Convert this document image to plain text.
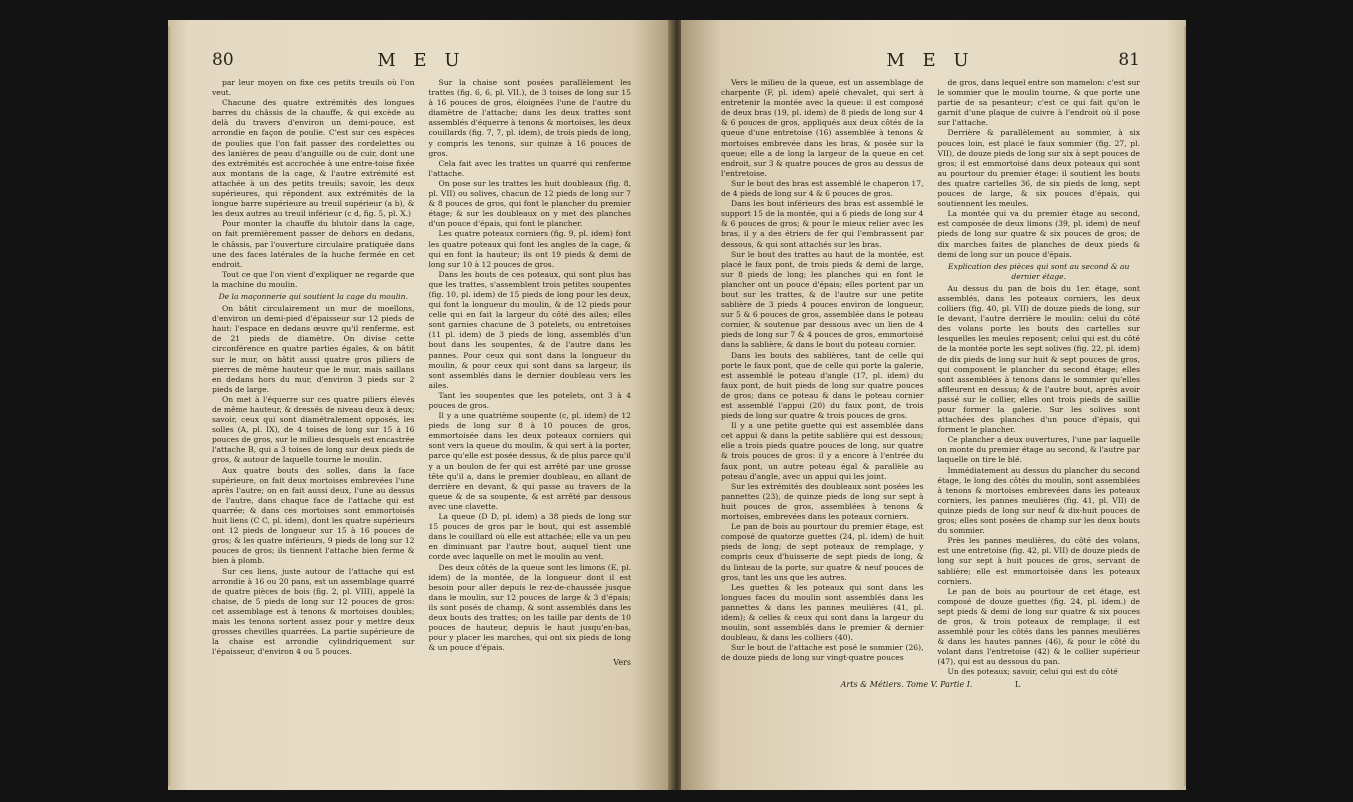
80	M E U

par leur moyen on fixe ces petits treuils où l'on veut.

Chacune des quatre extrémités des longues barres du châssis de la chauffe, & qui excède au delà du travers d'environ un demi-pouce, est arrondie en façon de poulie. C'est sur ces espèces de poulies que l'on fait passer des cordelettes ou des lanières de peau d'anguille ou de cuir, dont une des extrémités est accrochée à une entre-toise fixée aux montans de la cage, & l'autre extrémité est attachée à un des petits treuils; savoir, les deux supérieures, qui répondent aux extrémités de la longue barre supérieure au treuil supérieur (a b), & les deux autres au treuil inférieur (c d, fig. 5, pl. X.)

Pour monter la chauffe du blutoir dans la cage, on fait premièrement passer de dehors en dedans, le châssis, par l'ouverture circulaire pratiquée dans une des faces latérales de la huche fermée en cet endroit.

Tout ce que l'on vient d'expliquer ne regarde que la machine du moulin.

De la maçonnerie qui soutient la cage du moulin.

On bâtit circulairement un mur de moellons, d'environ un demi-pied d'épaisseur sur 12 pieds de haut: l'espace en dedans œuvre qu'il renferme, est de 21 pieds de diamètre. On divise cette circonférence en quatre parties égales, & on bâtit sur le mur, on bâtit aussi quatre gros piliers de pierres de même hauteur que le mur, mais saillans en dedans hors du mur, d'environ 3 pieds sur 2 pieds de large.

On met à l'équerre sur ces quatre piliers élevés de même hauteur, & dressés de niveau deux à deux; savoir, ceux qui sont diamétralement opposés, les solles (A, pl. IX), de 4 toises de long sur 15 à 16 pouces de gros, sur le milieu desquels est encastrée l'attache B, qui a 3 toises de long sur deux pieds de gros, & autour de laquelle tourne le moulin.

Aux quatre bouts des solles, dans la face supérieure, on fait deux mortoises embrevées l'une après l'autre; on en fait aussi deux, l'une au dessus de l'autre, dans chaque face de l'attache qui est quarrée; & dans ces mortoises sont emmortoisés huit liens (C C, pl. idem), dont les quatre supérieurs ont 12 pieds de longueur sur 15 à 16 pouces de gros; & les quatre inférieurs, 9 pieds de long sur 12 pouces de gros; ils tiennent l'attache bien ferme & bien à plomb.

Sur ces liens, juste autour de l'attache qui est arrondie à 16 ou 20 pans, est un assemblage quarré de quatre pièces de bois (fig. 2, pl. VIII), appelé la chaise, de 5 pieds de long sur 12 pouces de gros: cet assemblage est à tenons & mortoises doubles; mais les tenons sortent assez pour y mettre deux grosses chevilles quarrées. La partie supérieure de la chaise est arrondie cylindriquement sur l'épaisseur, d'environ 4 ou 5 pouces.

Sur la chaise sont posées parallèlement les trattes (fig. 6, 6, pl. VII.), de 3 toises de long sur 15 à 16 pouces de gros, éloignées l'une de l'autre du diamètre de l'attache; dans les deux trattes sont assemblés d'équerre à tenons & mortoises, les deux couillards (fig. 7, 7, pl. idem), de trois pieds de long, y compris les tenons, sur quinze à 16 pouces de gros.

Cela fait avec les trattes un quarré qui renferme l'attache.

On pose sur les trattes les huit doubleaux (fig. 8, pl. VII) ou solives, chacun de 12 pieds de long sur 7 & 8 pouces de gros, qui font le plancher du premier étage; & sur les doubleaux on y met des planches d'un pouce d'épais, qui font le plancher.

Les quatre poteaux corniers (fig. 9, pl. idem) font les quatre poteaux qui font les angles de la cage, & qui en font la hauteur; ils ont 19 pieds & demi de long sur 10 à 12 pouces de gros.

Dans les bouts de ces poteaux, qui sont plus bas que les trattes, s'assemblent trois petites soupentes (fig. 10, pl. idem) de 15 pieds de long pour les deux, qui font la longueur du moulin, & de 12 pieds pour celle qui en fait la largeur du côté des ailes; elles sont garnies chacune de 3 potelets, ou entretoises (11 pl. idem) de 3 pieds de long, assemblés d'un bout dans les soupentes, & de l'autre dans les pannes. Pour ceux qui sont dans la longueur du moulin, & pour ceux qui sont dans sa largeur, ils sont assemblés dans le dernier doubleau vers les ailes.

Tant les soupentes que les potelets, ont 3 à 4 pouces de gros.

Il y a une quatrième soupente (c, pl. idem) de 12 pieds de long sur 8 à 10 pouces de gros, emmortoisée dans les deux poteaux corniers qui sont vers la queue du moulin, & qui sert à la porter, parce qu'elle est posée dessus, & de plus parce qu'il y a un boulon de fer qui est arrêté par une grosse tête qu'il a, dans le premier doubleau, en allant de derrière en devant, & qui passe au travers de la queue & de sa soupente, & est arrêté par dessous avec une clavette.

La queue (D D, pl. idem) a 38 pieds de long sur 15 pouces de gros par le bout, qui est assemblé dans le couillard où elle est attachée; elle va un peu en diminuant par l'autre bout, auquel tient une corde avec laquelle on met le moulin au vent.

Des deux côtés de la queue sont les limons (E, pl. idem) de la montée, de la longueur dont il est besoin pour aller depuis le rez-de-chaussée jusque dans le moulin, sur 12 pouces de large & 3 d'épais; ils sont posés de champ, & sont assemblés dans les deux bouts des trattes; on les taille par dents de 10 pouces de hauteur, depuis le haut jusqu'en-bas, pour y placer les marches, qui ont six pieds de long & un pouce d'épais.

Vers
M E U	81

Vers le milieu de la queue, est un assemblage de charpente (F, pl. idem) apelé chevalet, qui sert à entretenir la montée avec la queue: il est composé de deux bras (19, pl. idem) de 8 pieds de long sur 4 & 6 pouces de gros, appliqués aux deux côtés de la queue d'une entretoise (16) assemblée à tenons & mortoises embrevée dans les bras, & posée sur la queue; elle a de long la largeur de la queue en cet endroit, sur 3 & quatre pouces de gros au dessus de l'entretoise.

Sur le bout des bras est assemblé le chaperon 17, de 4 pieds de long sur 4 & 6 pouces de gros.

Dans les bout inférieurs des bras est assemblé le support 15 de la montée, qui a 6 pieds de long sur 4 & 6 pouces de gros; & pour le mieux relier avec les bras, il y a des étriers de fer qui l'embrassent par dessous, & qui sont attachés sur les bras.

Sur le bout des trattes au haut de la montée, est placé le faux pont, de trois pieds & demi de large, sur 8 pieds de long; les planches qui en font le plancher ont un pouce d'épais; elles portent par un bout sur les trattes, & de l'autre sur une petite sablière de 3 pieds 4 pouces environ de longueur, sur 5 & 6 pouces de gros, assemblée dans le poteau cornier, & soutenue par dessous avec un lien de 4 pieds de long sur 7 & 4 pouces de gros, emmortoisé dans la sablière, & dans le bout du poteau cornier.

Dans les bouts des sablières, tant de celle qui porte le faux pont, que de celle qui porte la galerie, est assemblé le poteau d'angle (17, pl. idem) du faux pont, de huit pieds de long sur quatre pouces de gros; dans ce poteau & dans le poteau cornier est assemblé l'appui (20) du faux pont, de trois pieds de long sur quatre & trois pouces de gros.

Il y a une petite guette qui est assemblée dans cet appui & dans la petite sablière qui est dessous; elle a trois pieds quatre pouces de long, sur quatre & trois pouces de gros: il y a encore à l'entrée du faux pont, un autre poteau égal & parallèle au poteau d'angle, avec un appui qui les joint.

Sur les extrémités des doubleaux sont posées les pannettes (23), de quinze pieds de long sur sept à huit pouces de gros, assemblées à tenons & mortoises, embrevées dans les poteaux corniers.

Le pan de bois au pourtour du premier étage, est composé de quatorze guettes (24, pl. idem) de huit pieds de long; de sept poteaux de remplage, y compris ceux d'huisserie de sept pieds de long, & du linteau de la porte, sur quatre & neuf pouces de gros, tant les uns que les autres.

Les guettes & les poteaux qui sont dans les longues faces du moulin sont assemblés dans les pannettes & dans les pannes meulières (41, pl. idem); & celles & ceux qui sont dans la largeur du moulin, sont assemblés dans le premier & dernier doubleau, & dans les colliers (40).

Sur le bout de l'attache est posé le sommier (26), de douze pieds de long sur vingt-quatre pouces

de gros, dans lequel entre son mamelon: c'est sur le sommier que le moulin tourne, & que porte une partie de sa pesanteur; c'est ce qui fait qu'on le garnit d'une plaque de cuivre à l'endroit où il pose sur l'attache.

Derrière & parallèlement au sommier, à six pouces loin, est placé le faux sommier (fig. 27, pl. VII), de douze pieds de long sur six à sept pouces de gros; il est emmortoisé dans deux poteaux qui sont au pourtour du premier étage: il soutient les bouts des quatre cartelles 36, de six pieds de long, sept pouces de large, & six pouces d'épais, qui soutiennent les meules.

La montée qui va du premier étage au second, est composée de deux limons (39, pl. idem) de neuf pieds de long sur quatre & six pouces de gros; de dix marches faites de planches de deux pieds & demi de long sur un pouce d'épais.

Explication des pièces qui sont au second & au dernier étage.

Au dessus du pan de bois du 1er. étage, sont assemblés, dans les poteaux corniers, les deux colliers (fig. 40, pl. VII) de douze pieds de long, sur le devant, l'autre derrière le moulin: celui du côté des volans porte les bouts des cartelles sur lesquelles les meules reposent; celui qui est du côté de la montée porte les sept solives (fig. 22, pl. idem) de dix pieds de long sur huit & sept pouces de gros, qui composent le plancher du second étage; elles sont assemblées à tenons dans le sommier qu'elles affleurent en dessus; & de l'autre bout, après avoir passé sur le collier, elles ont trois pieds de saillie pour former la galerie. Sur les solives sont attachées des planches d'un pouce d'épais, qui forment le plancher.

Ce plancher a deux ouvertures, l'une par laquelle on monte du premier étage au second, & l'autre par laquelle on tire le blé.

Immédiatement au dessus du plancher du second étage, le long des côtés du moulin, sont assemblées à tenons & mortoises embrevées dans les poteaux corniers, les pannes meulières (fig. 41, pl. VII) de quinze pieds de long sur neuf & dix-huit pouces de gros; elles sont posées de champ sur les deux bouts du sommier.

Près les pannes meulières, du côté des volans, est une entretoise (fig. 42, pl. VII) de douze pieds de long sur sept à huit pouces de gros, servant de sablière; elle est emmortoisée dans les poteaux corniers.

Le pan de bois au pourtour de cet étage, est composé de douze guettes (fig. 24, pl. idem.) de sept pieds & demi de long sur quatre & six pouces de gros, & trois poteaux de remplage; il est assemblé pour les côtés dans les pannes meulières & dans les hautes pannes (46), & pour le côté du volant dans l'entretoise (42) & le collier supérieur (47), qui est au dessous du pan.

Un des poteaux; savoir, celui qui est du côté

Arts & Métiers. Tome V. Partie I.	L
